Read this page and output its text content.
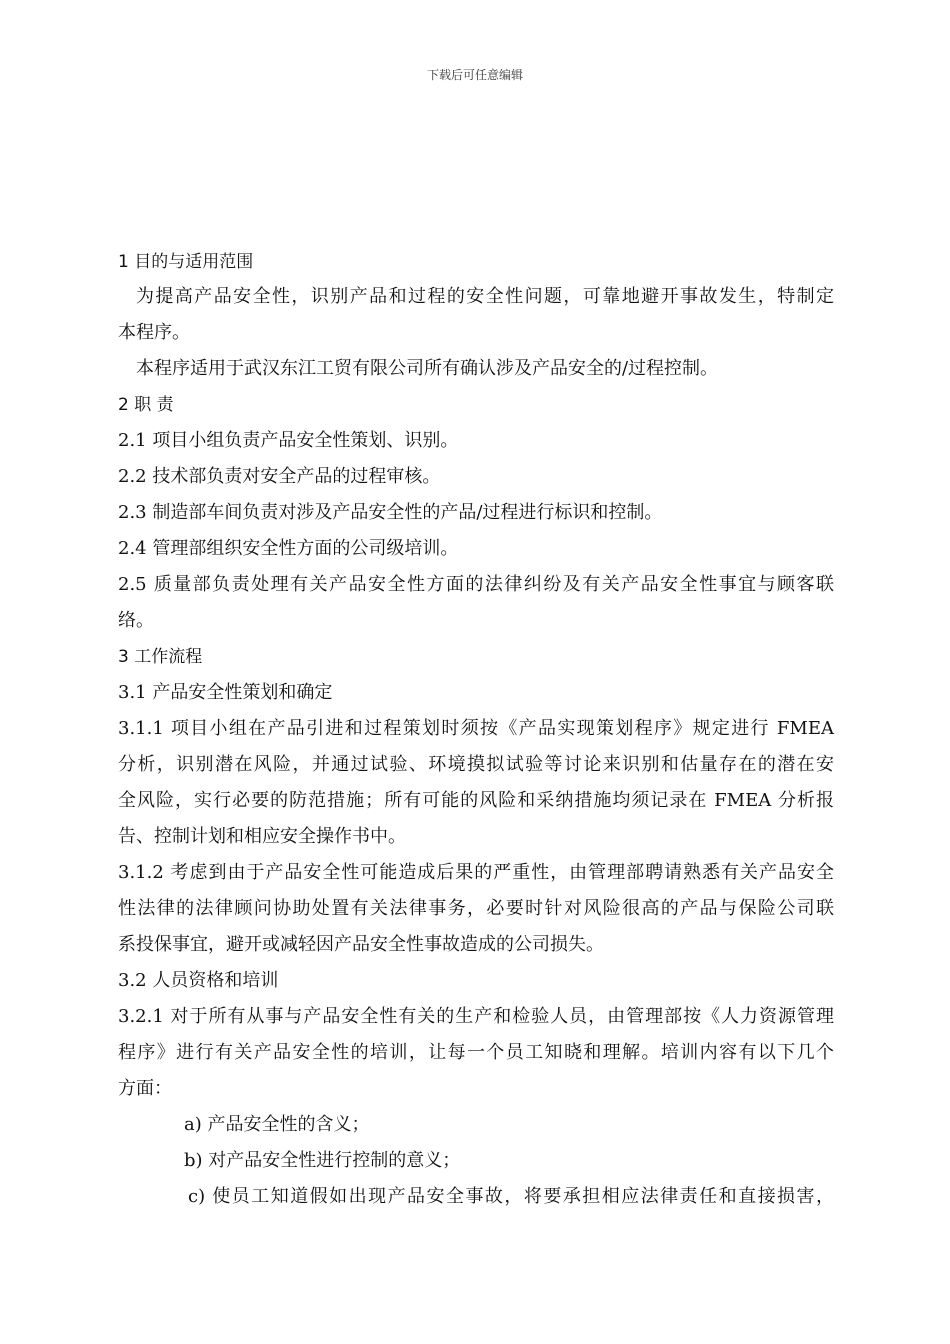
下载后可任意编辑
1 目的与适用范围
为提高产品安全性，识别产品和过程的安全性问题，可靠地避开事故发生，特制定
本程序。
本程序适用于武汉东江工贸有限公司所有确认涉及产品安全的/过程控制。
2 职 责
2.1 项目小组负责产品安全性策划、识别。
2.2 技术部负责对安全产品的过程审核。
2.3 制造部车间负责对涉及产品安全性的产品/过程进行标识和控制。
2.4 管理部组织安全性方面的公司级培训。
2.5 质量部负责处理有关产品安全性方面的法律纠纷及有关产品安全性事宜与顾客联
络。
3 工作流程
3.1 产品安全性策划和确定
3.1.1 项目小组在产品引进和过程策划时须按《产品实现策划程序》规定进行 FMEA
分析，识别潜在风险，并通过试验、环境摸拟试验等讨论来识别和估量存在的潜在安
全风险，实行必要的防范措施；所有可能的风险和采纳措施均须记录在 FMEA 分析报
告、控制计划和相应安全操作书中。
3.1.2 考虑到由于产品安全性可能造成后果的严重性，由管理部聘请熟悉有关产品安全
性法律的法律顾问协助处置有关法律事务，必要时针对风险很高的产品与保险公司联
系投保事宜，避开或减轻因产品安全性事故造成的公司损失。
3.2 人员资格和培训
3.2.1 对于所有从事与产品安全性有关的生产和检验人员，由管理部按《人力资源管理
程序》进行有关产品安全性的培训，让每一个员工知晓和理解。培训内容有以下几个
方面：
a) 产品安全性的含义；
b) 对产品安全性进行控制的意义；
c) 使员工知道假如出现产品安全事故，将要承担相应法律责任和直接损害，
